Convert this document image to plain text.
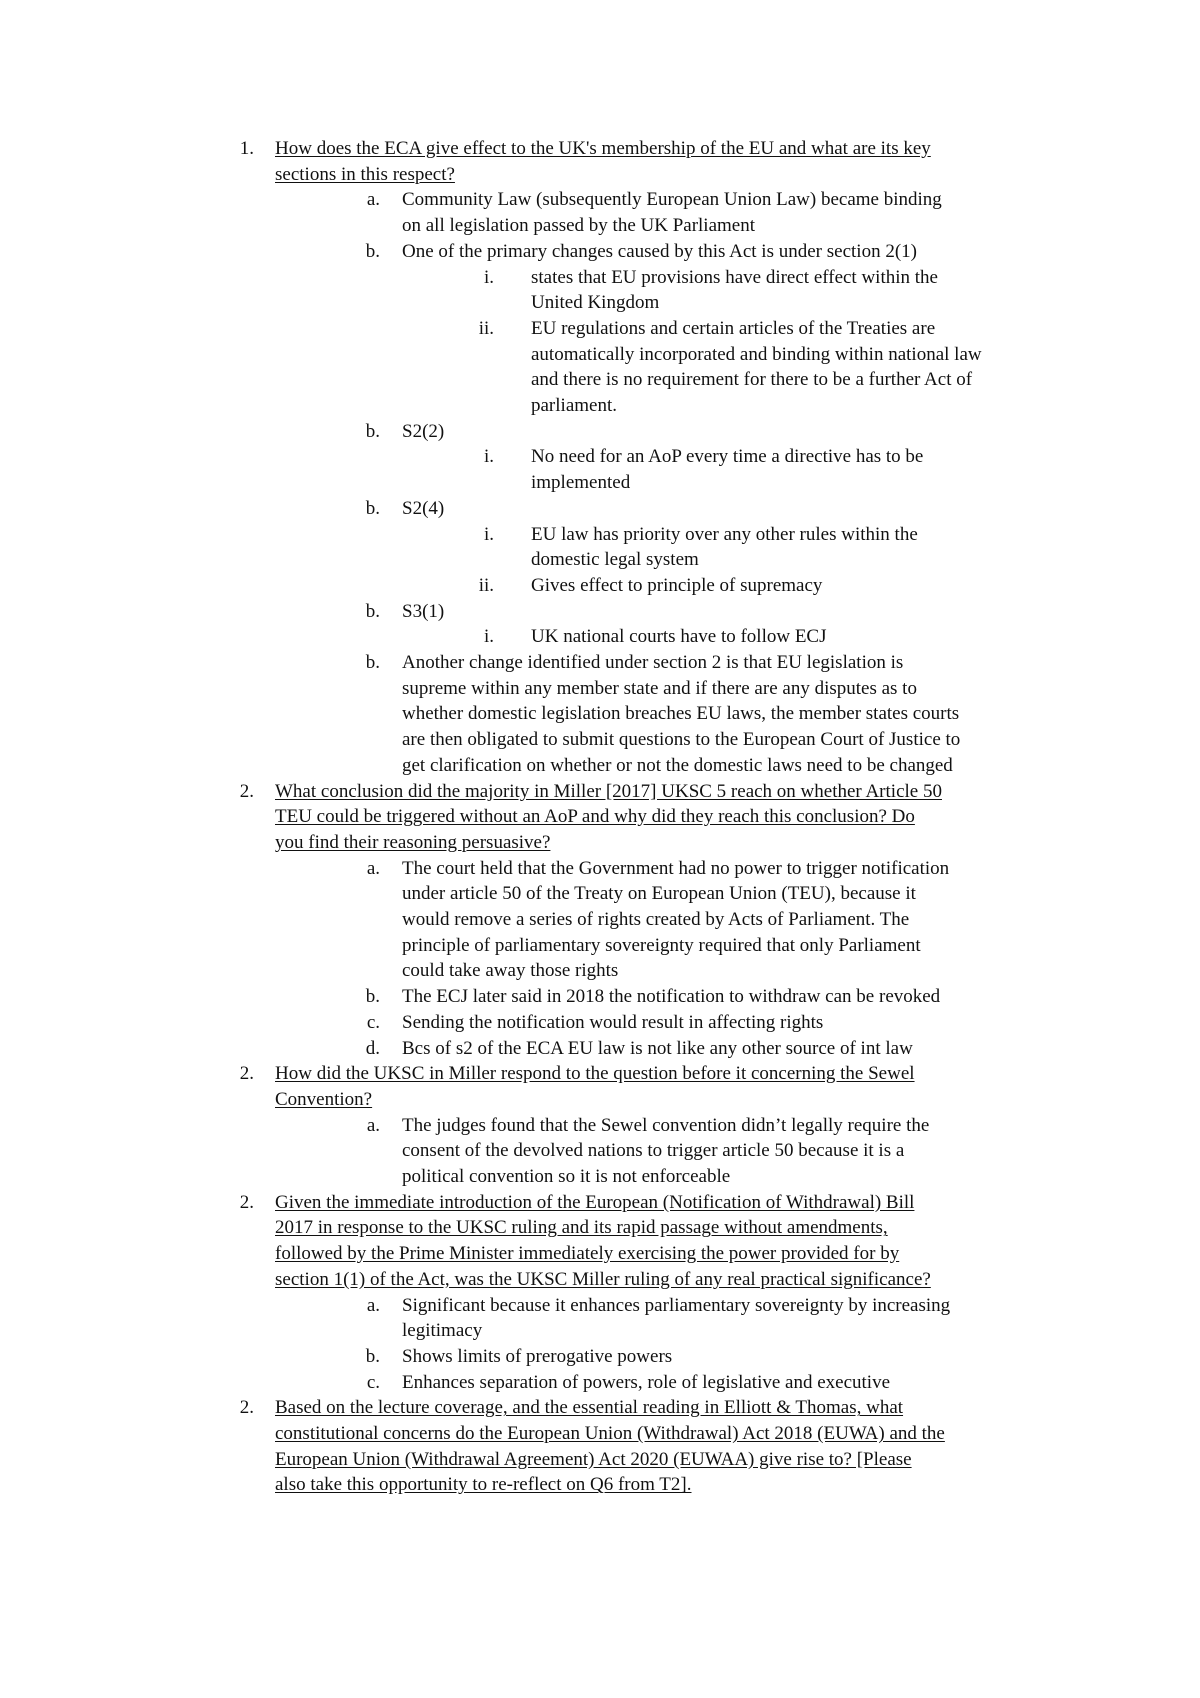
1. How does the ECA give effect to the UK's membership of the EU and what are its key
sections in this respect?
a. Community Law (subsequently European Union Law) became binding
on all legislation passed by the UK Parliament
b. One of the primary changes caused by this Act is under section 2(1)
i. states that EU provisions have direct effect within the
United Kingdom
ii. EU regulations and certain articles of the Treaties are
automatically incorporated and binding within national law
and there is no requirement for there to be a further Act of
parliament.
b. S2(2)
i. No need for an AoP every time a directive has to be
implemented
b. S2(4)
i. EU law has priority over any other rules within the
domestic legal system
ii. Gives effect to principle of supremacy
b. S3(1)
i. UK national courts have to follow ECJ
b. Another change identified under section 2 is that EU legislation is
supreme within any member state and if there are any disputes as to
whether domestic legislation breaches EU laws, the member states courts
are then obligated to submit questions to the European Court of Justice to
get clarification on whether or not the domestic laws need to be changed
2. What conclusion did the majority in Miller [2017] UKSC 5 reach on whether Article 50
TEU could be triggered without an AoP and why did they reach this conclusion? Do
you find their reasoning persuasive?
a. The court held that the Government had no power to trigger notification
under article 50 of the Treaty on European Union (TEU), because it
would remove a series of rights created by Acts of Parliament. The
principle of parliamentary sovereignty required that only Parliament
could take away those rights
b. The ECJ later said in 2018 the notification to withdraw can be revoked
c. Sending the notification would result in affecting rights
d. Bcs of s2 of the ECA EU law is not like any other source of int law
2. How did the UKSC in Miller respond to the question before it concerning the Sewel
Convention?
a. The judges found that the Sewel convention didn’t legally require the
consent of the devolved nations to trigger article 50 because it is a
political convention so it is not enforceable
2. Given the immediate introduction of the European (Notification of Withdrawal) Bill
2017 in response to the UKSC ruling and its rapid passage without amendments,
followed by the Prime Minister immediately exercising the power provided for by
section 1(1) of the Act, was the UKSC Miller ruling of any real practical significance?
a. Significant because it enhances parliamentary sovereignty by increasing
legitimacy
b. Shows limits of prerogative powers
c. Enhances separation of powers, role of legislative and executive
2. Based on the lecture coverage, and the essential reading in Elliott & Thomas, what
constitutional concerns do the European Union (Withdrawal) Act 2018 (EUWA) and the
European Union (Withdrawal Agreement) Act 2020 (EUWAA) give rise to? [Please
also take this opportunity to re-reflect on Q6 from T2].
